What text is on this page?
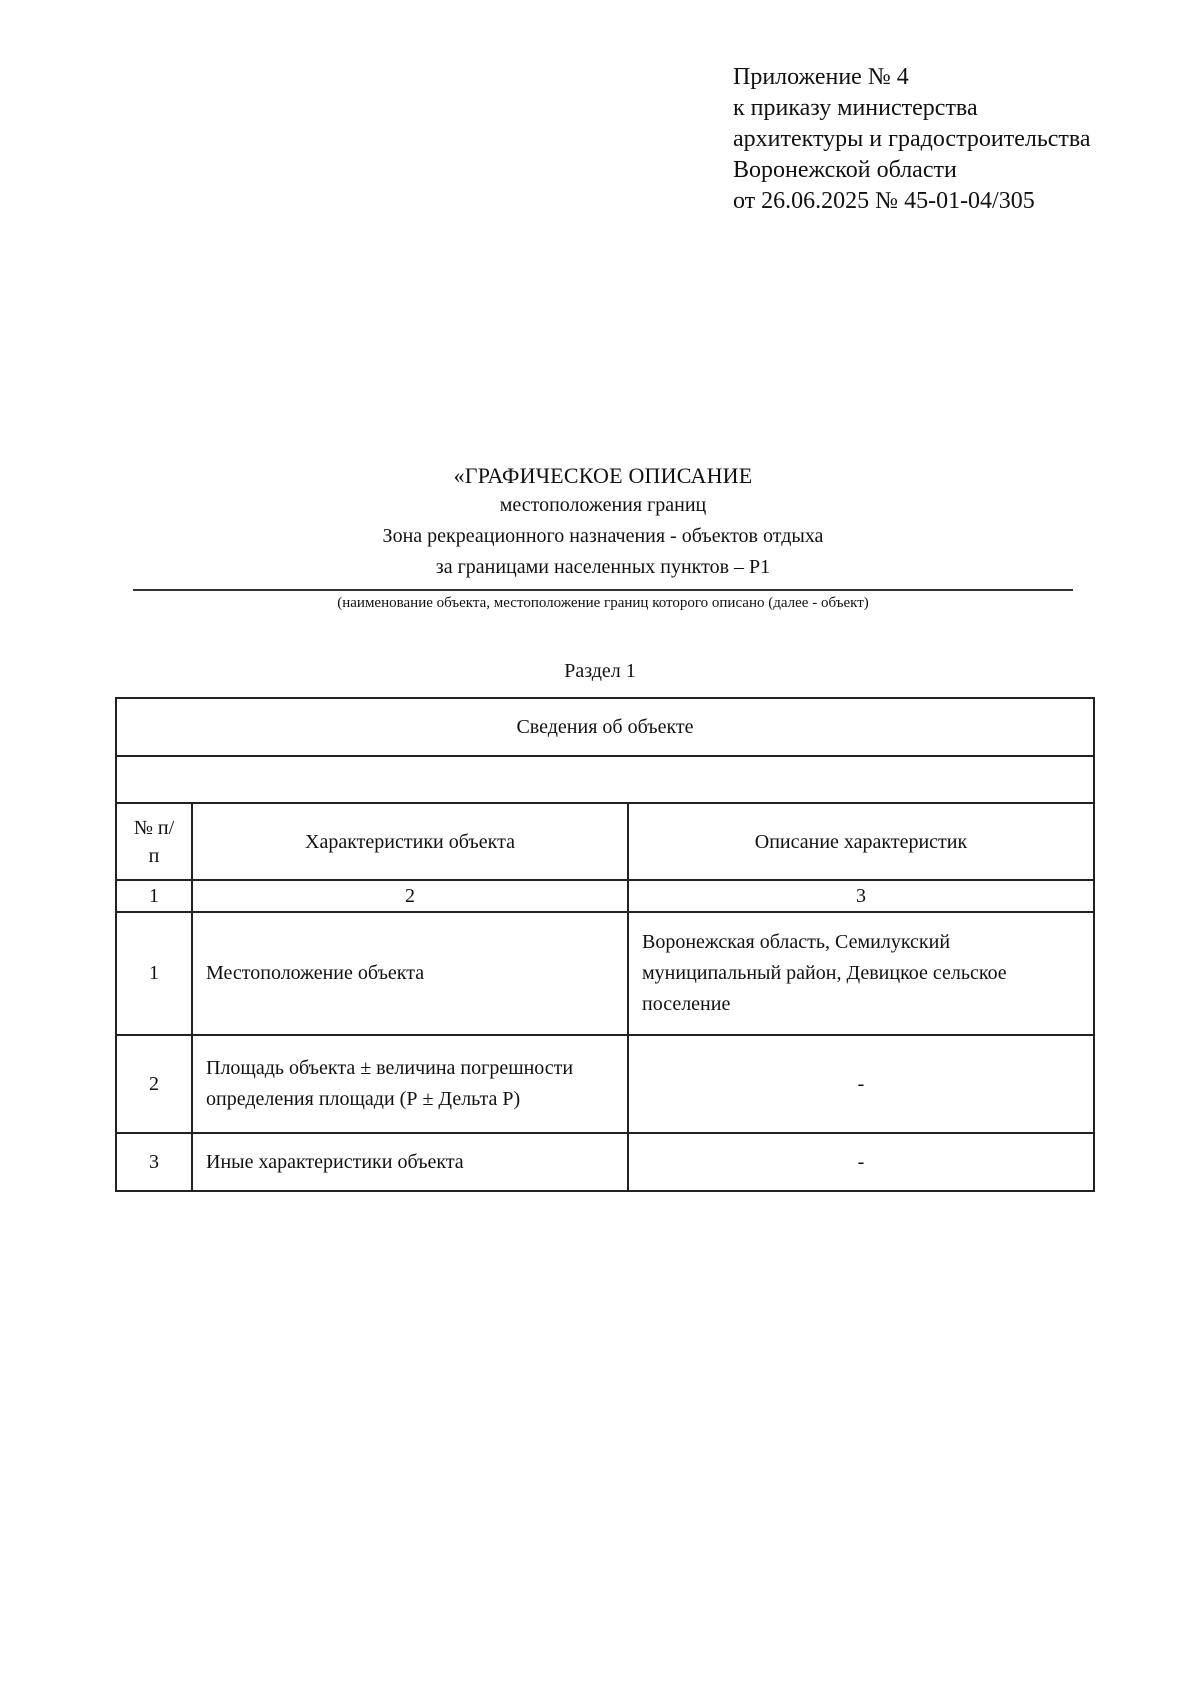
Приложение № 4
к приказу министерства
архитектуры и градостроительства
Воронежской области
от 26.06.2025 № 45-01-04/305
«ГРАФИЧЕСКОЕ ОПИСАНИЕ
местоположения границ
Зона рекреационного назначения - объектов отдыха
за границами населенных пунктов – Р1
(наименование объекта, местоположение границ которого описано (далее - объект)
Раздел 1
Сведения об объекте		

№ п/п	Характеристики объекта	Описание характеристик
1	2	3
1	Местоположение объекта	Воронежская область, Семилукский муниципальный район, Девицкое сельское поселение
2	Площадь объекта ± величина погрешности определения площади (Р ± Дельта Р)	-
3	Иные характеристики объекта	-
